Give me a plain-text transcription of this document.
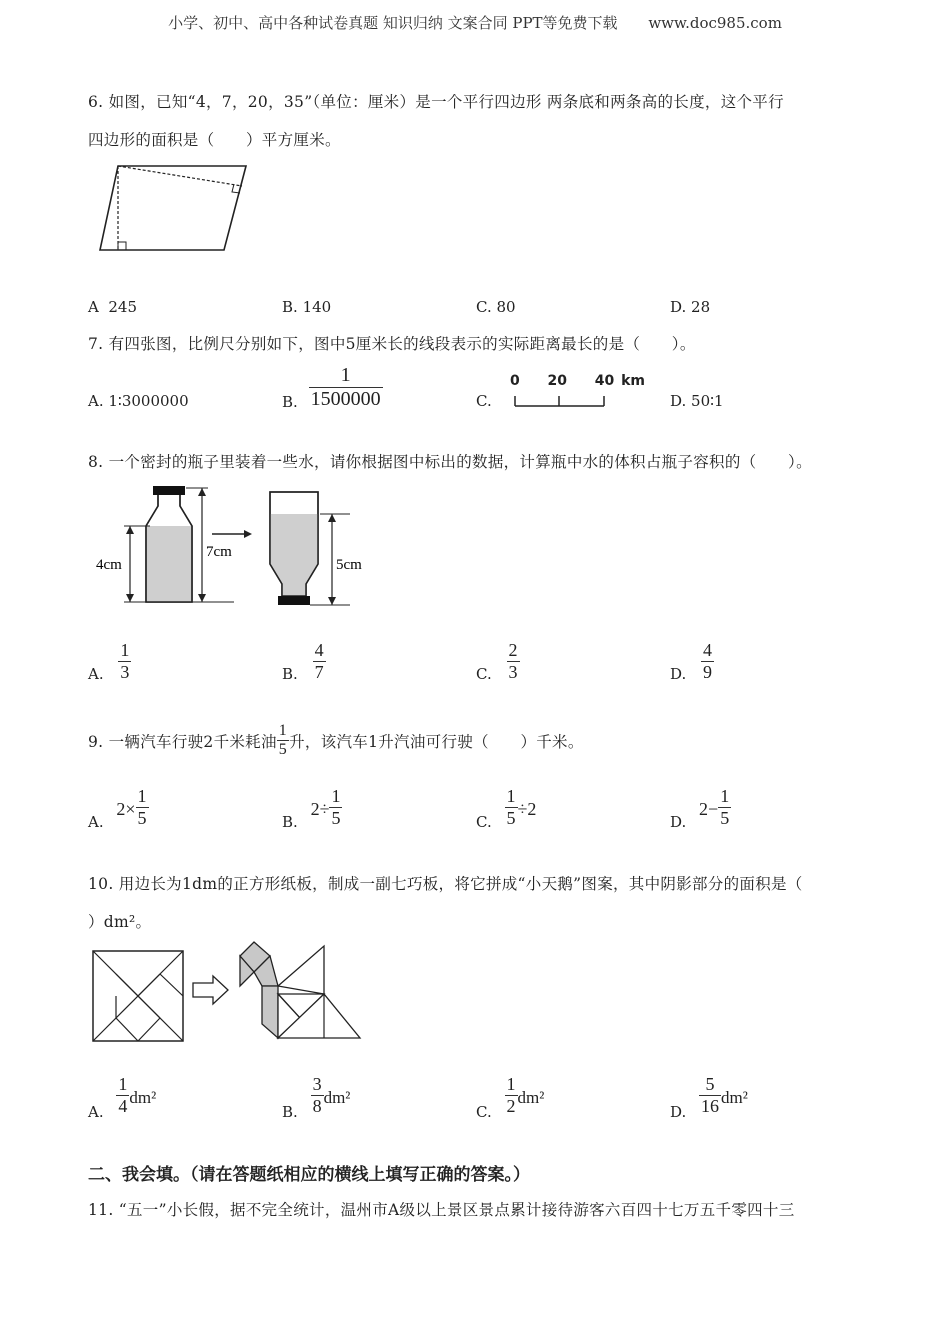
小学、初中、高中各种试卷真题 知识归纳 文案合同 PPT等免费下载 www.doc985.com
6. 如图，已知“4，7，20，35”（单位：厘米）是一个平行四边形 两条底和两条高的长度，这个平行
四边形的面积是（　　）平方厘米。
A 245	B. 140	C. 80	D. 28
7. 有四张图，比例尺分别如下，图中5厘米长的线段表示的实际距离最长的是（　　）。
A. 1∶3000000	B. $\frac{1}{1500000}$	C.
0 　 20 　 40 km
D. 50∶1
8. 一个密封的瓶子里装着一些水，请你根据图中标出的数据，计算瓶中水的体积占瓶子容积的（　　）。
4cm
7cm
5cm
A. $\frac{1}{3}$	B. $\frac{4}{7}$	C. $\frac{2}{3}$	D. $\frac{4}{9}$
9. 一辆汽车行驶2千米耗油 $\frac{1}{5}$ 升，该汽车1升汽油可行驶（　　）千米。
A. $2\times \frac{1}{5}$	B. $2\div \frac{1}{5}$	C. $\frac{1}{5} \div 2$
D. $2- \frac{1}{5}$
10. 用边长为1dm的正方形纸板，制成一副七巧板，将它拼成“小天鹅”图案，其中阴影部分的面积是（
）dm²。
A. $\frac{1}{4} dm^2$
B. $\frac{3}{8} dm^2$
C. $\frac{1}{2} dm^2$
D. $\frac{5}{16} dm^2$
二、我会填。（请在答题纸相应的横线上填写正确的答案。）
11. “五一”小长假，据不完全统计，温州市A级以上景区景点累计接待游客六百四十七万五千零四十三
